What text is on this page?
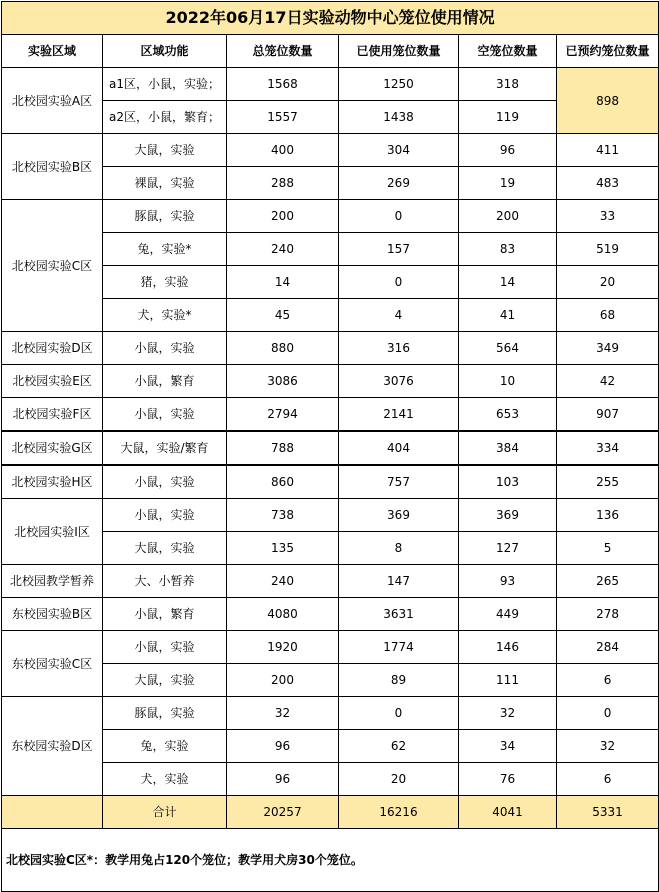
2022年06月17日实验动物中心笼位使用情况					
实验区域	区域功能	总笼位数量	已使用笼位数量	空笼位数量	已预约笼位数量
北校园实验A区	a1区，小鼠，实验；	1568	1250	318	898
	a2区，小鼠，繁育；	1557	1438	119	
北校园实验B区	大鼠，实验	400	304	96	411
	裸鼠，实验	288	269	19	483
北校园实验C区	豚鼠，实验	200	0	200	33
	兔，实验*	240	157	83	519
	猪，实验	14	0	14	20
	犬，实验*	45	4	41	68
北校园实验D区	小鼠，实验	880	316	564	349
北校园实验E区	小鼠，繁育	3086	3076	10	42
北校园实验F区	小鼠，实验	2794	2141	653	907
北校园实验G区	大鼠，实验/繁育	788	404	384	334
北校园实验H区	小鼠，实验	860	757	103	255
北校园实验I区	小鼠，实验	738	369	369	136
	大鼠，实验	135	8	127	5
北校园教学暂养	大、小暂养	240	147	93	265
东校园实验B区	小鼠，繁育	4080	3631	449	278
东校园实验C区	小鼠，实验	1920	1774	146	284
	大鼠，实验	200	89	111	6
东校园实验D区	豚鼠，实验	32	0	32	0
	兔，实验	96	62	34	32
	犬，实验	96	20	76	6
	合计	20257	16216	4041	5331
北校园实验C区*：教学用兔占120个笼位；教学用犬房30个笼位。					
